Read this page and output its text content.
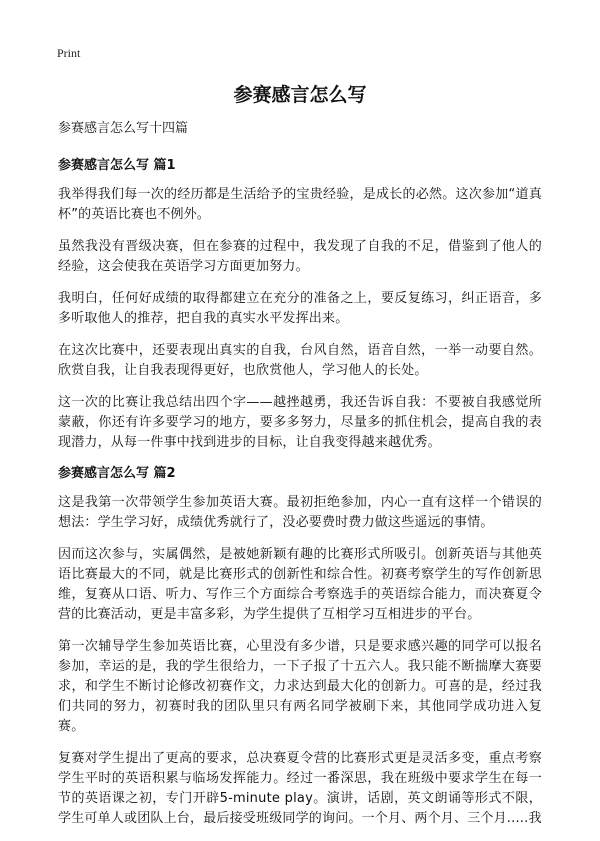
Print
参赛感言怎么写

参赛感言怎么写十四篇

参赛感言怎么写 篇1

我举得我们每一次的经历都是生活给予的宝贵经验，是成长的必然。这次参加“道真杯”的英语比赛也不例外。

虽然我没有晋级决赛，但在参赛的过程中，我发现了自我的不足，借鉴到了他人的经验，这会使我在英语学习方面更加努力。

我明白，任何好成绩的取得都建立在充分的准备之上，要反复练习，纠正语音，多多听取他人的推荐，把自我的真实水平发挥出来。

在这次比赛中，还要表现出真实的自我，台风自然，语音自然，一举一动要自然。欣赏自我，让自我表现得更好，也欣赏他人，学习他人的长处。

这一次的比赛让我总结出四个字——越挫越勇，我还告诉自我：不要被自我感觉所蒙蔽，你还有许多要学习的地方，要多多努力，尽量多的抓住机会，提高自我的表现潜力，从每一件事中找到进步的目标，让自我变得越来越优秀。

参赛感言怎么写 篇2

这是我第一次带领学生参加英语大赛。最初拒绝参加，内心一直有这样一个错误的想法：学生学习好，成绩优秀就行了，没必要费时费力做这些遥远的事情。

因而这次参与，实属偶然，是被她新颖有趣的比赛形式所吸引。创新英语与其他英语比赛最大的不同，就是比赛形式的创新性和综合性。初赛考察学生的写作创新思维，复赛从口语、听力、写作三个方面综合考察选手的英语综合能力，而决赛夏令营的比赛活动，更是丰富多彩，为学生提供了互相学习互相进步的平台。

第一次辅导学生参加英语比赛，心里没有多少谱，只是要求感兴趣的同学可以报名参加，幸运的是，我的学生很给力，一下子报了十五六人。我只能不断揣摩大赛要求，和学生不断讨论修改初赛作文，力求达到最大化的创新力。可喜的是，经过我们共同的努力，初赛时我的团队里只有两名同学被刷下来，其他同学成功进入复赛。

复赛对学生提出了更高的要求，总决赛夏令营的比赛形式更是灵活多变，重点考察学生平时的英语积累与临场发挥能力。经过一番深思，我在班级中要求学生在每一节的英语课之初，专门开辟5-minute play。演讲，话剧，英文朗诵等形式不限，学生可单人或团队上台，最后接受班级同学的询问。一个月、两个月、三个月.....我
